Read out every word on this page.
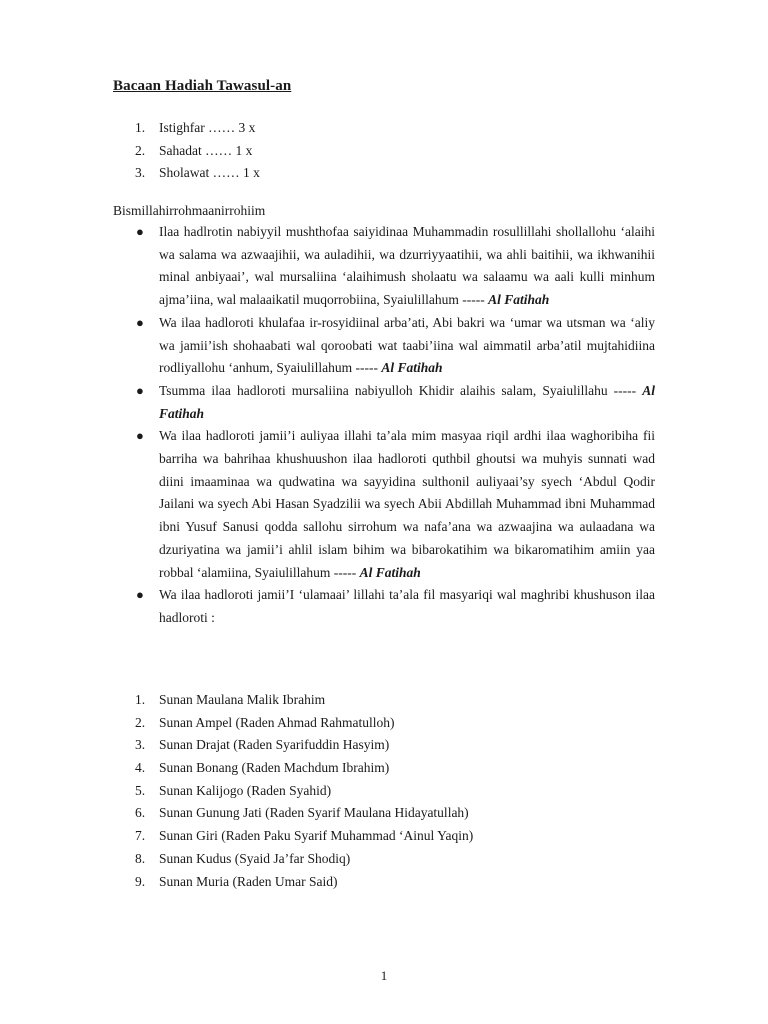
Bacaan Hadiah Tawasul-an
1. Istighfar …… 3 x
2. Sahadat …… 1 x
3. Sholawat …… 1 x
Bismillahirrohmaanirrohiim
● Ilaa hadlrotin nabiyyil mushthofaa saiyidinaa Muhammadin rosullillahi shollallohu ‘alaihi wa salama wa azwaajihii, wa auladihii, wa dzurriyyaatihii, wa ahli baitihii, wa ikhwanihii minal anbiyaai’, wal mursaliina ‘alaihimush sholaatu wa salaamu wa aali kulli minhum ajma’iina, wal malaaikatil muqorrobiina, Syaiulillahum ----- Al Fatihah
● Wa ilaa hadloroti khulafaa ir-rosyidiinal arba’ati, Abi bakri wa ‘umar wa utsman wa ‘aliy wa jamii’ish shohaabati wal qoroobati wat taabi’iina wal aimmatil arba’atil mujtahidiina rodliyallohu ‘anhum, Syaiulillahum ----- Al Fatihah
● Tsumma ilaa hadloroti mursaliina nabiyulloh Khidir alaihis salam, Syaiulillahu ----- Al Fatihah
● Wa ilaa hadloroti jamii’i auliyaa illahi ta’ala mim masyaa riqil ardhi ilaa waghoribiha fii barriha wa bahrihaa khushuushon ilaa hadloroti quthbil ghoutsi wa muhyis sunnati wad diini imaaminaa wa qudwatina wa sayyidina sulthonil auliyaai’sy syech ‘Abdul Qodir Jailani wa syech Abi Hasan Syadzilii wa syech Abii Abdillah Muhammad ibni Muhammad ibni Yusuf Sanusi qodda sallohu sirrohum wa nafa’ana wa azwaajina wa aulaadana wa dzuriyatina wa jamii’i ahlil islam bihim wa bibarokatihim wa bikaromatihim amiin yaa robbal ‘alamiina, Syaiulillahum ----- Al Fatihah
● Wa ilaa hadloroti jamii’I ‘ulamaai’ lillahi ta’ala fil masyariqi wal maghribi khushuson ilaa hadloroti :
1. Sunan Maulana Malik Ibrahim
2. Sunan Ampel (Raden Ahmad Rahmatulloh)
3. Sunan Drajat (Raden Syarifuddin Hasyim)
4. Sunan Bonang (Raden Machdum Ibrahim)
5. Sunan Kalijogo (Raden Syahid)
6. Sunan Gunung Jati (Raden Syarif Maulana Hidayatullah)
7. Sunan Giri (Raden Paku Syarif Muhammad ‘Ainul Yaqin)
8. Sunan Kudus (Syaid Ja’far Shodiq)
9. Sunan Muria (Raden Umar Said)
1
